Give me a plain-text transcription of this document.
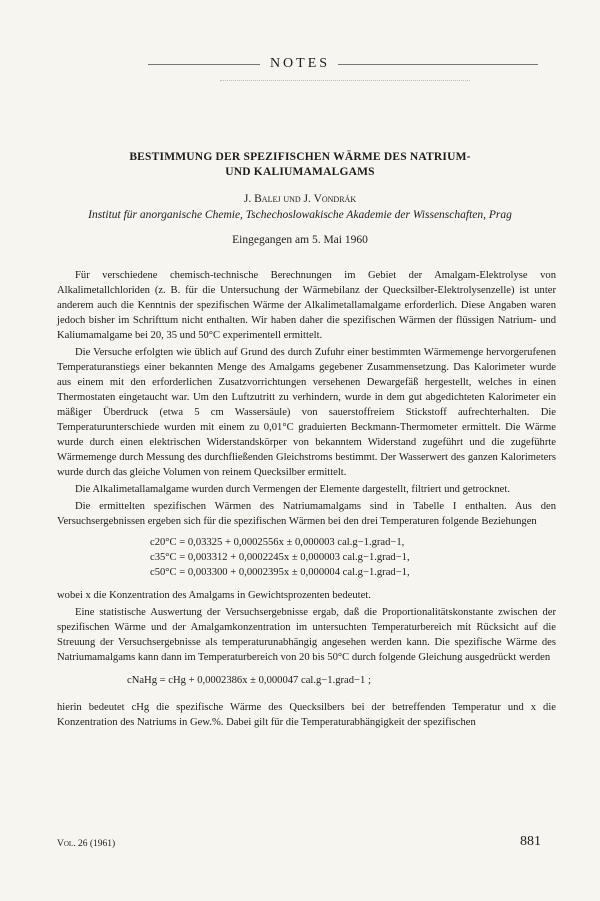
NOTES
BESTIMMUNG DER SPEZIFISCHEN WÄRME DES NATRIUM-
UND KALIUMAMALGAMS
J. Balej und J. Vondrák
Institut für anorganische Chemie, Tschechoslowakische Akademie der Wissenschaften, Prag
Eingegangen am 5. Mai 1960

Für verschiedene chemisch-technische Berechnungen im Gebiet der Amalgam-Elektrolyse von Alkalimetallchloriden (z. B. für die Untersuchung der Wärmebilanz der Quecksilber-Elektrolysenzelle) ist unter anderem auch die Kenntnis der spezifischen Wärme der Alkalimetallamalgame erforderlich. Diese Angaben waren jedoch bisher im Schrifttum nicht enthalten. Wir haben daher die spezifischen Wärmen der flüssigen Natrium- und Kaliumamalgame bei 20, 35 und 50°C experimentell ermittelt.

Die Versuche erfolgten wie üblich auf Grund des durch Zufuhr einer bestimmten Wärmemenge hervorgerufenen Temperaturanstiegs einer bekannten Menge des Amalgams gegebener Zusammensetzung. Das Kalorimeter wurde aus einem mit den erforderlichen Zusatzvorrichtungen versehenen Dewargefäß hergestellt, welches in einen Thermostaten eingetaucht war. Um den Luftzutritt zu verhindern, wurde in dem gut abgedichteten Kalorimeter ein mäßiger Überdruck (etwa 5 cm Wassersäule) von sauerstoffreiem Stickstoff aufrechterhalten. Die Temperaturunterschiede wurden mit einem zu 0,01°C graduierten Beckmann-Thermometer ermittelt. Die Wärme wurde durch einen elektrischen Widerstandskörper von bekanntem Widerstand zugeführt und die zugeführte Wärmemenge durch Messung des durchfließenden Gleichstroms bestimmt. Der Wasserwert des ganzen Kalorimeters wurde durch das gleiche Volumen von reinem Quecksilber ermittelt.

Die Alkalimetallamalgame wurden durch Vermengen der Elemente dargestellt, filtriert und getrocknet.

Die ermittelten spezifischen Wärmen des Natriumamalgams sind in Tabelle I enthalten. Aus den Versuchsergebnissen ergeben sich für die spezifischen Wärmen bei den drei Temperaturen folgende Beziehungen

c20°C = 0,03325 + 0,0002556x ± 0,000003 cal.g−1.grad−1,
c35°C = 0,003312 + 0,0002245x ± 0,000003 cal.g−1.grad−1,
c50°C = 0,003300 + 0,0002395x ± 0,000004 cal.g−1.grad−1,

wobei x die Konzentration des Amalgams in Gewichtsprozenten bedeutet.

Eine statistische Auswertung der Versuchsergebnisse ergab, daß die Proportionalitätskonstante zwischen der spezifischen Wärme und der Amalgamkonzentration im untersuchten Temperaturbereich mit Rücksicht auf die Streuung der Versuchsergebnisse als temperaturunabhängig angesehen werden kann. Die spezifische Wärme des Natriumamalgams kann dann im Temperaturbereich von 20 bis 50°C durch folgende Gleichung ausgedrückt werden

cNaHg = cHg + 0,0002386x ± 0,000047 cal.g−1.grad−1 ;

hierin bedeutet cHg die spezifische Wärme des Quecksilbers bei der betreffenden Temperatur und x die Konzentration des Natriums in Gew.%. Dabei gilt für die Temperaturabhängigkeit der spezifischen

Vol. 26 (1961)	881
